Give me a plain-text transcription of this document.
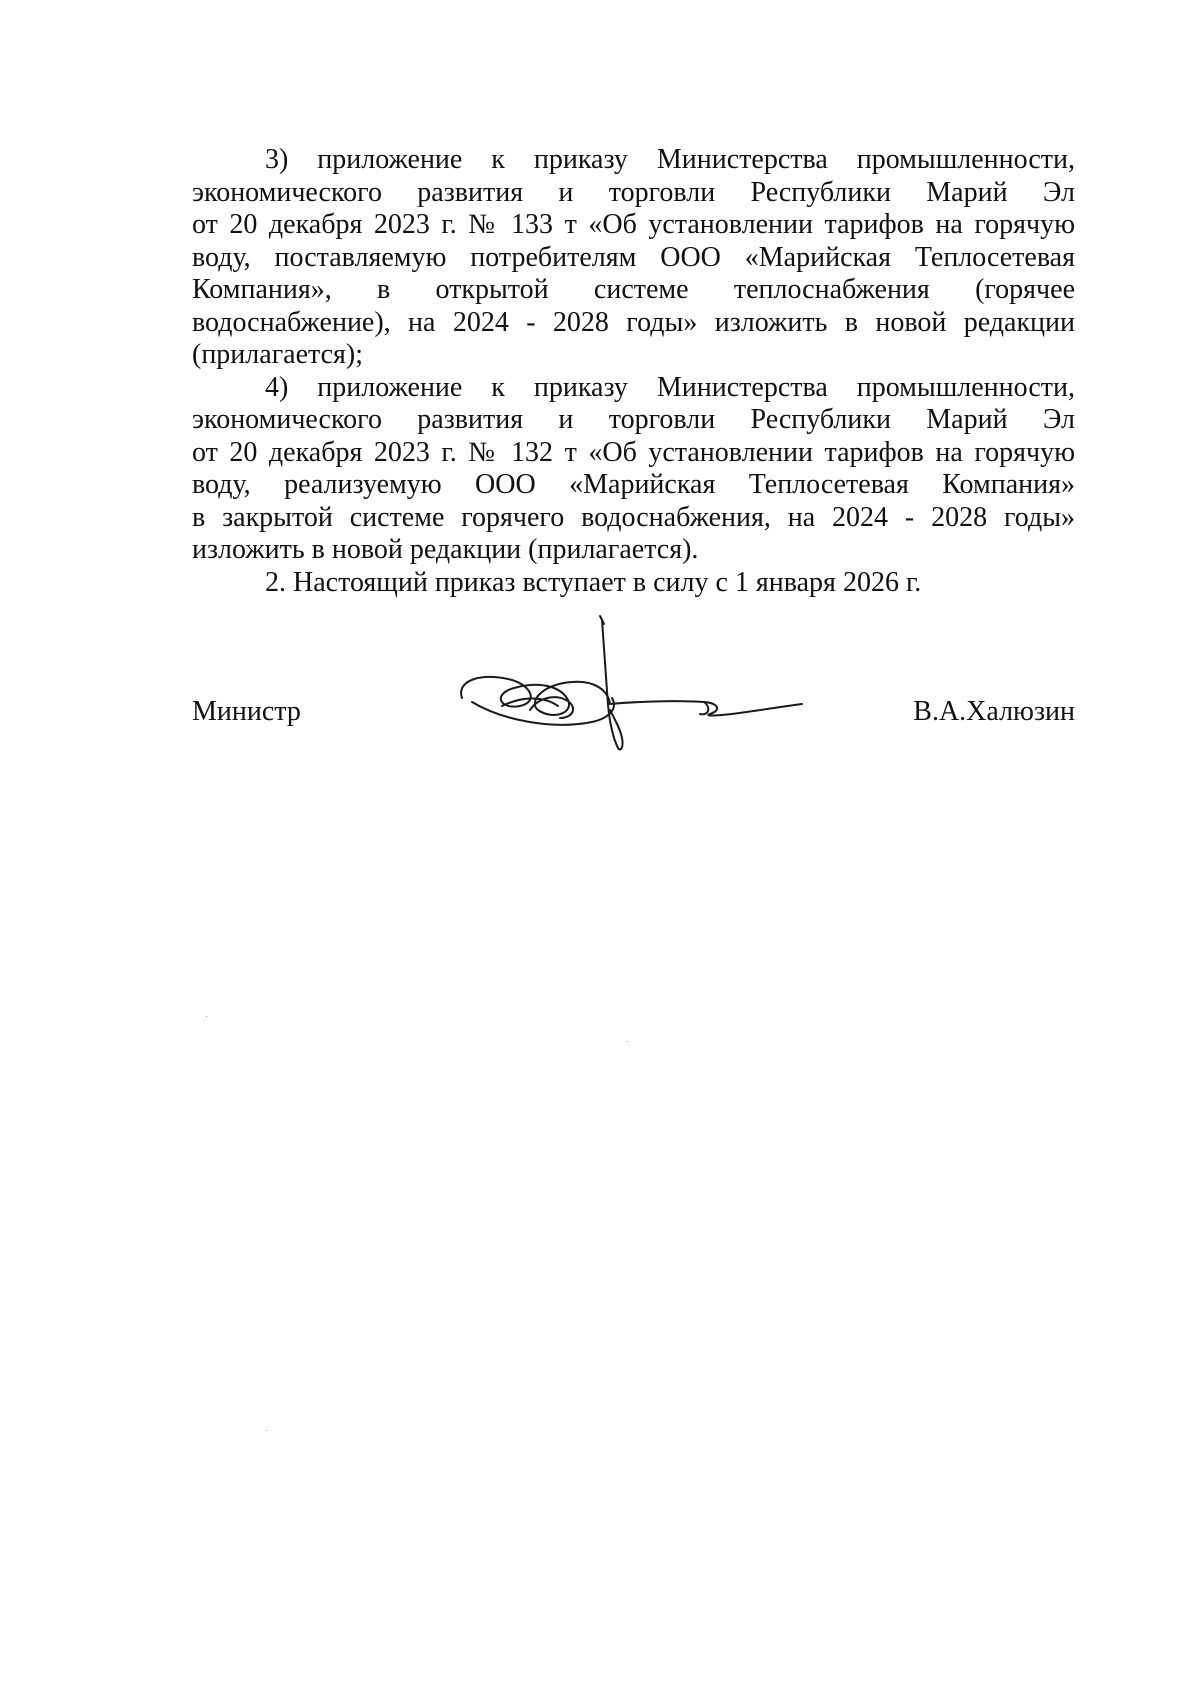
3) приложение к приказу Министерства промышленности,
экономического развития и торговли Республики Марий Эл
от 20 декабря 2023 г. № 133 т «Об установлении тарифов на горячую
воду, поставляемую потребителям ООО «Марийская Теплосетевая
Компания», в открытой системе теплоснабжения (горячее
водоснабжение), на 2024 - 2028 годы» изложить в новой редакции
(прилагается);

4) приложение к приказу Министерства промышленности,
экономического развития и торговли Республики Марий Эл
от 20 декабря 2023 г. № 132 т «Об установлении тарифов на горячую
воду, реализуемую ООО «Марийская Теплосетевая Компания»
в закрытой системе горячего водоснабжения, на 2024 - 2028 годы»
изложить в новой редакции (прилагается).

2. Настоящий приказ вступает в силу с 1 января 2026 г.

Министр	В.А.Халюзин
